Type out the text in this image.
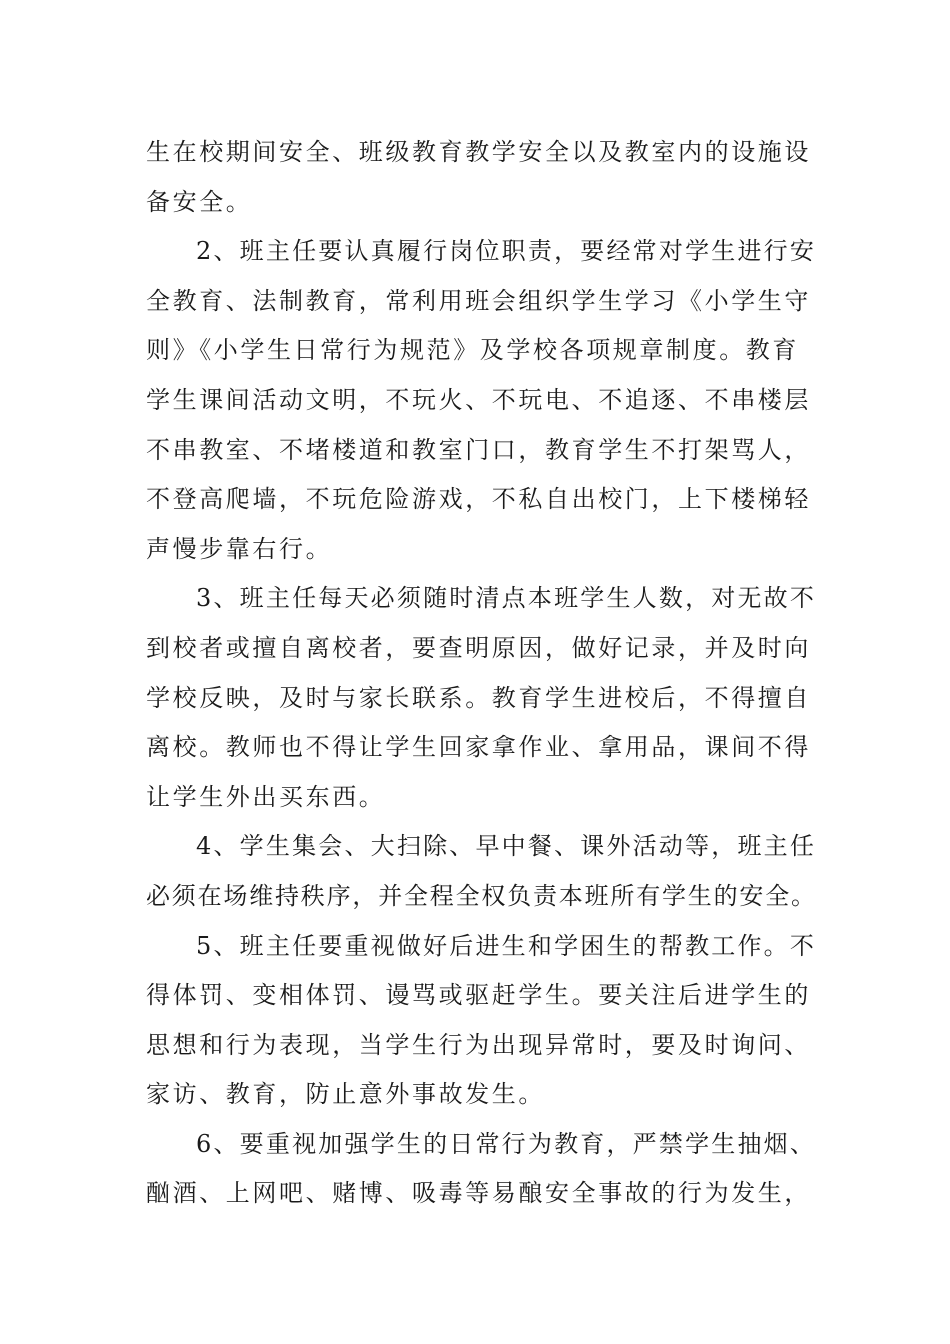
生在校期间安全、班级教育教学安全以及教室内的设施设
备安全。
2、班主任要认真履行岗位职责，要经常对学生进行安
全教育、法制教育，常利用班会组织学生学习《小学生守
则》《小学生日常行为规范》及学校各项规章制度。教育
学生课间活动文明，不玩火、不玩电、不追逐、不串楼层
不串教室、不堵楼道和教室门口，教育学生不打架骂人，
不登高爬墙，不玩危险游戏，不私自出校门，上下楼梯轻
声慢步靠右行。
3、班主任每天必须随时清点本班学生人数，对无故不
到校者或擅自离校者，要查明原因，做好记录，并及时向
学校反映，及时与家长联系。教育学生进校后，不得擅自
离校。教师也不得让学生回家拿作业、拿用品，课间不得
让学生外出买东西。
4、学生集会、大扫除、早中餐、课外活动等，班主任
必须在场维持秩序，并全程全权负责本班所有学生的安全。
5、班主任要重视做好后进生和学困生的帮教工作。不
得体罚、变相体罚、谩骂或驱赶学生。要关注后进学生的
思想和行为表现，当学生行为出现异常时，要及时询问、
家访、教育，防止意外事故发生。
6、要重视加强学生的日常行为教育，严禁学生抽烟、
酗酒、上网吧、赌博、吸毒等易酿安全事故的行为发生，
